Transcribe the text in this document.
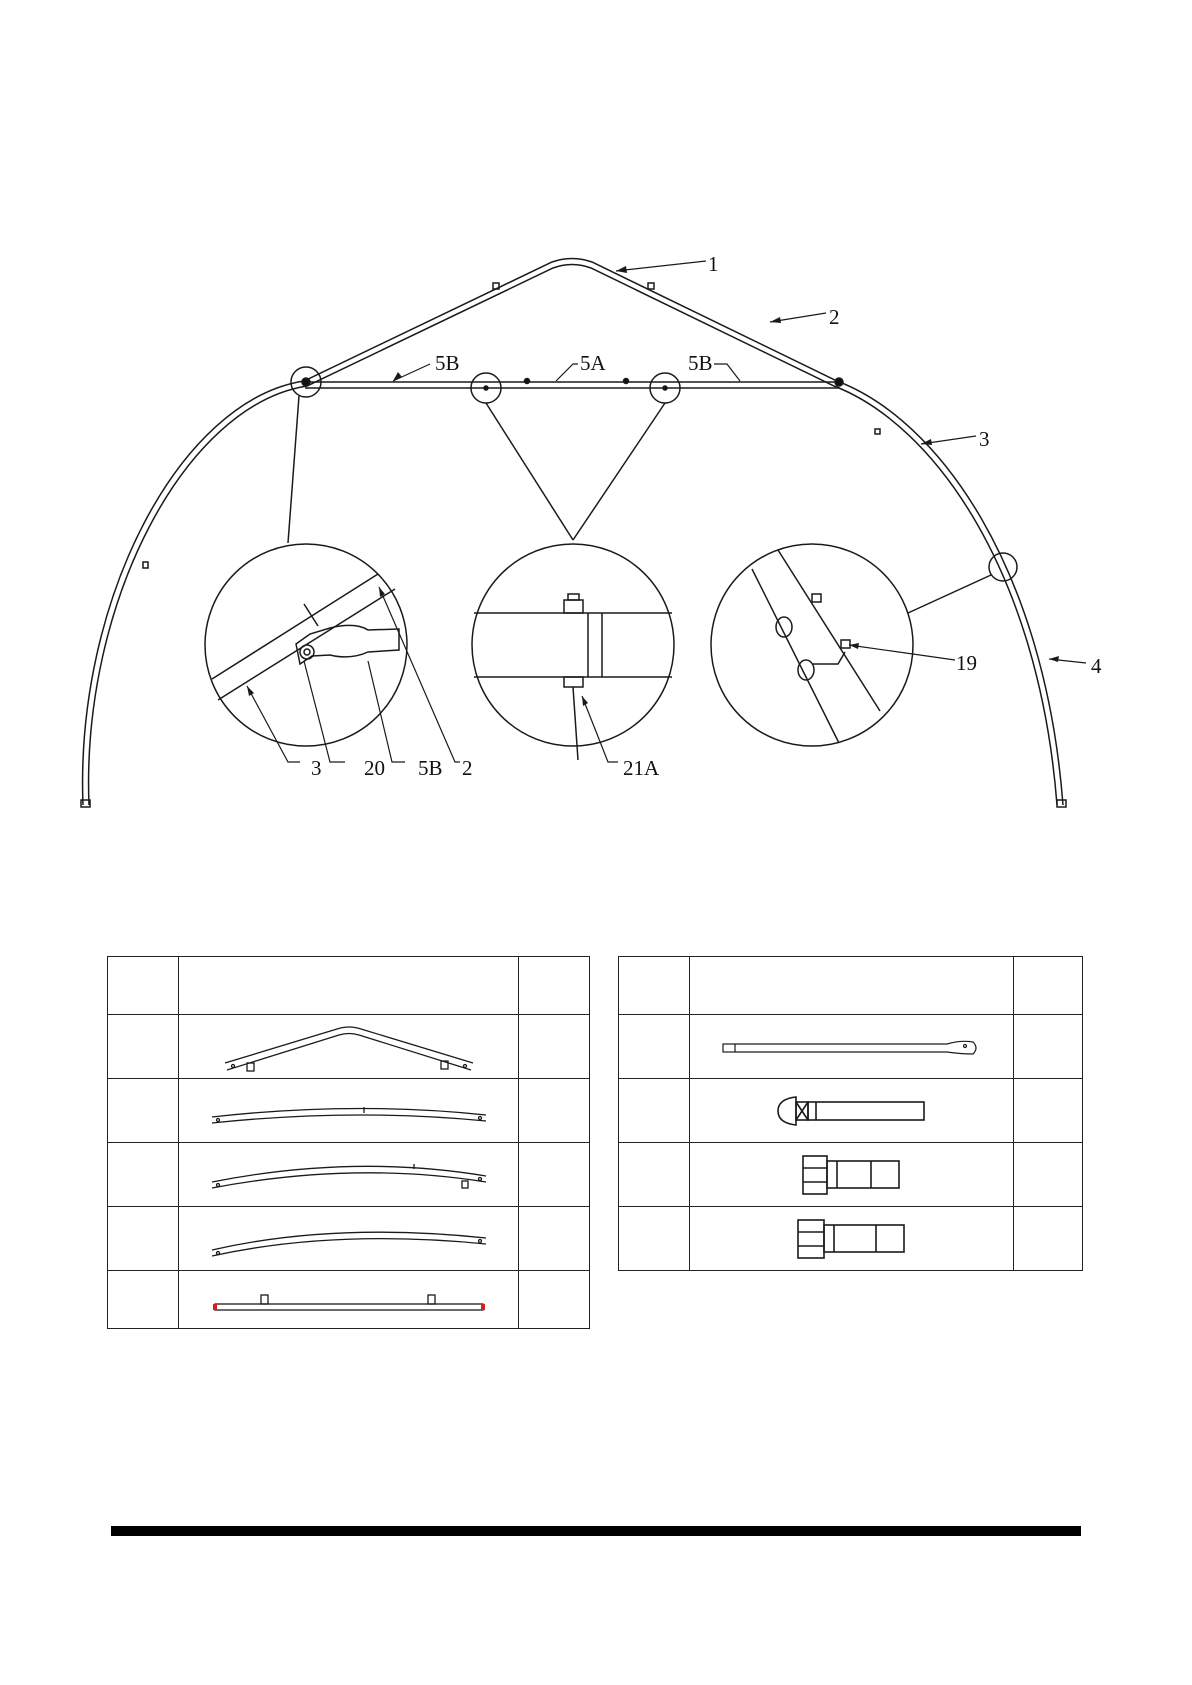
1
2
3
4
5B	5A	5B
3 20 5B 2	21A
19
